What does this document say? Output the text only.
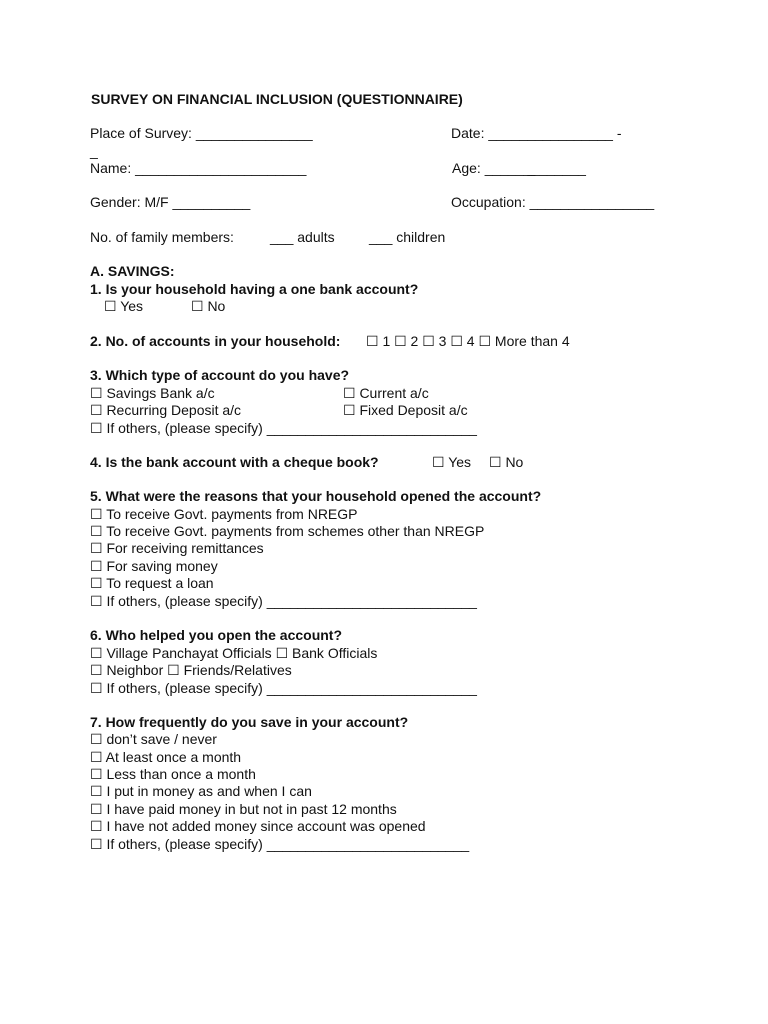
SURVEY ON FINANCIAL INCLUSION (QUESTIONNAIRE)
Place of Survey: _______________	Date: ________________ -
_
Name: ______________________	Age: ______̲_______
Gender: M/F __________	Occupation: ________________
No. of family members:	___ adults ___ children
A. SAVINGS:
1. Is your household having a one bank account?
☐ Yes	☐ No
2. No. of accounts in your household: ☐ 1 ☐ 2 ☐ 3 ☐ 4 ☐ More than 4
3. Which type of account do you have?
☐ Savings Bank a/c	☐ Current a/c
☐ Recurring Deposit a/c	☐ Fixed Deposit a/c
☐ If others, (please specify) ___________________________
4. Is the bank account with a cheque book?	☐ Yes ☐ No
5. What were the reasons that your household opened the account?
☐ To receive Govt. payments from NREGP
☐ To receive Govt. payments from schemes other than NREGP
☐ For receiving remittances
☐ For saving money
☐ To request a loan
☐ If others, (please specify) ___________________________
6. Who helped you open the account?
☐ Village Panchayat Officials ☐ Bank Officials
☐ Neighbor ☐ Friends/Relatives
☐ If others, (please specify) ___________________________
7. How frequently do you save in your account?
☐ don’t save / never
☐ At least once a month
☐ Less than once a month
☐ I put in money as and when I can
☐ I have paid money in but not in past 12 months
☐ I have not added money since account was opened
☐ If others, (please specify) __________________________
